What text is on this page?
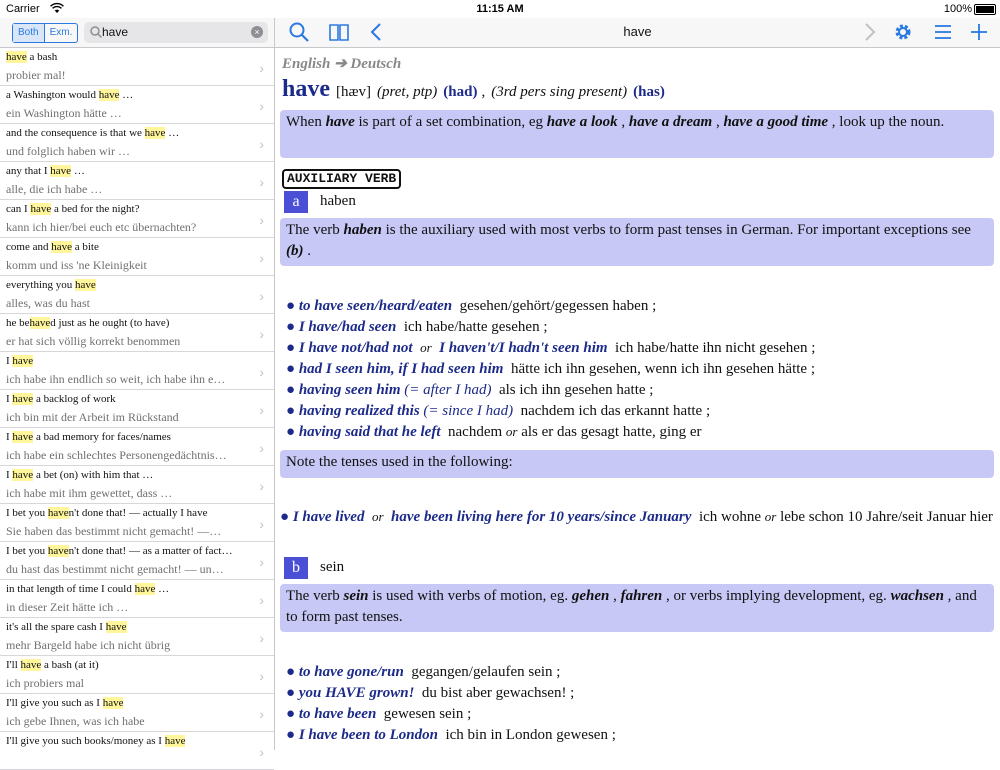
Carrier	11:15 AM	100%
Both	Exm.
have	×
have a bash
probier mal!	›
a Washington would have …
ein Washington hätte …	›
and the consequence is that we have …
und folglich haben wir …	›
any that I have …
alle, die ich habe …	›
can I have a bed for the night?
kann ich hier/bei euch etc übernachten?	›
come and have a bite
komm und iss 'ne Kleinigkeit	›
everything you have
alles, was du hast	›
he behaved just as he ought (to have)
er hat sich völlig korrekt benommen	›
I have
ich habe ihn endlich so weit, ich habe ihn e…	›
I have a backlog of work
ich bin mit der Arbeit im Rückstand	›
I have a bad memory for faces/names
ich habe ein schlechtes Personengedächtnis…	›
I have a bet (on) with him that …
ich habe mit ihm gewettet, dass …	›
I bet you haven't done that! — actually I have
Sie haben das bestimmt nicht gemacht! —…	›
I bet you haven't done that! — as a matter of fact…
du hast das bestimmt nicht gemacht! — un…	›
in that length of time I could have …
in dieser Zeit hätte ich …	›
it's all the spare cash I have
mehr Bargeld habe ich nicht übrig	›
I'll have a bash (at it)
ich probiers mal	›
I'll give you such as I have
ich gebe Ihnen, was ich habe	›
I'll give you such books/money as I have
›
have
English ➔ Deutsch
have [hæv] (pret, ptp) (had) , (3rd pers sing present) (has)
When have is part of a set combination, eg have a look , have a dream , have a good time , look up the noun.
AUXILIARY VERB
a	haben
The verb haben is the auxiliary used with most verbs to form past tenses in German. For important exceptions see (b) .
● to have seen/heard/eaten gesehen/gehört/gegessen haben ;
● I have/had seen ich habe/hatte gesehen ;
● I have not/had not or I haven't/I hadn't seen him ich habe/hatte ihn nicht gesehen ;
● had I seen him, if I had seen him hätte ich ihn gesehen, wenn ich ihn gesehen hätte ;
● having seen him (= after I had) als ich ihn gesehen hatte ;
● having realized this (= since I had) nachdem ich das erkannt hatte ;
● having said that he left nachdem or als er das gesagt hatte, ging er
Note the tenses used in the following:
● I have lived or have been living here for 10 years/since January ich wohne or lebe schon 10 Jahre/seit Januar hier
b	sein
The verb sein is used with verbs of motion, eg. gehen , fahren , or verbs implying development, eg. wachsen , and to form past tenses.
● to have gone/run gegangen/gelaufen sein ;
● you HAVE grown! du bist aber gewachsen! ;
● to have been gewesen sein ;
● I have been to London ich bin in London gewesen ;
